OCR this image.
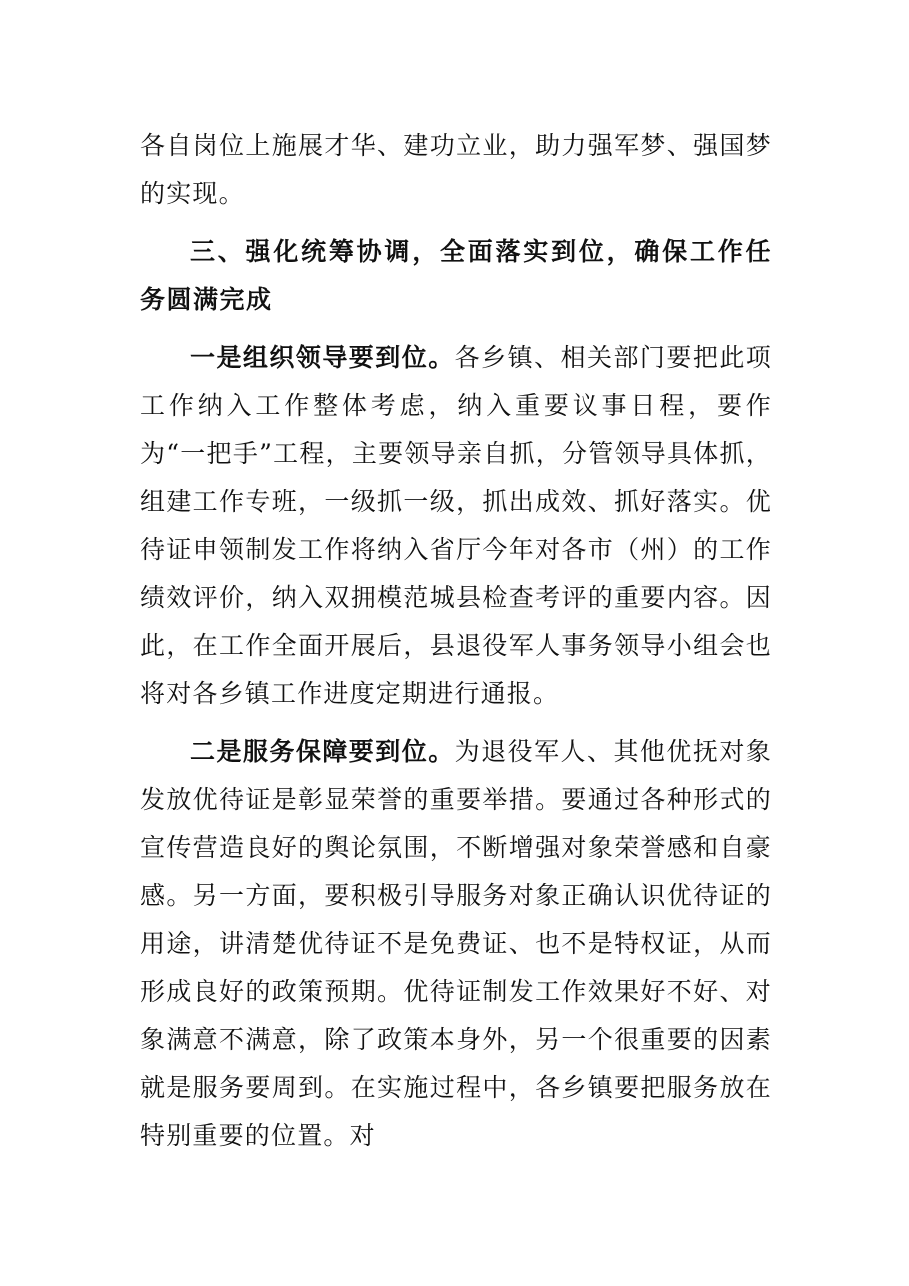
各自岗位上施展才华、建功立业，助力强军梦、强国梦的实现。

三、强化统筹协调，全面落实到位，确保工作任务圆满完成

一是组织领导要到位。各乡镇、相关部门要把此项工作纳入工作整体考虑，纳入重要议事日程，要作为“一把手”工程，主要领导亲自抓，分管领导具体抓，组建工作专班，一级抓一级，抓出成效、抓好落实。优待证申领制发工作将纳入省厅今年对各市（州）的工作绩效评价，纳入双拥模范城县检查考评的重要内容。因此，在工作全面开展后，县退役军人事务领导小组会也将对各乡镇工作进度定期进行通报。

二是服务保障要到位。为退役军人、其他优抚对象发放优待证是彰显荣誉的重要举措。要通过各种形式的宣传营造良好的舆论氛围，不断增强对象荣誉感和自豪感。另一方面，要积极引导服务对象正确认识优待证的用途，讲清楚优待证不是免费证、也不是特权证，从而形成良好的政策预期。优待证制发工作效果好不好、对象满意不满意，除了政策本身外，另一个很重要的因素就是服务要周到。在实施过程中，各乡镇要把服务放在特别重要的位置。对
